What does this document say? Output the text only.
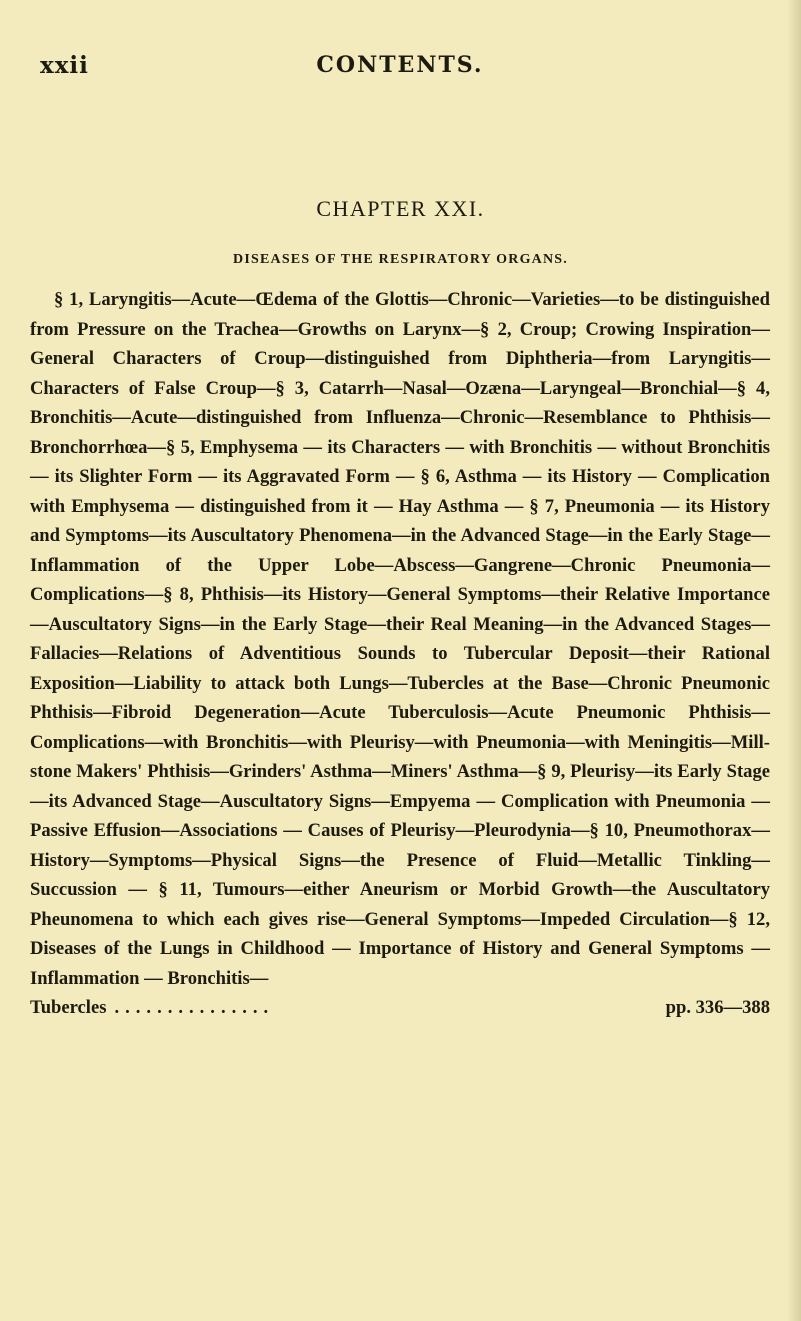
xxii	CONTENTS.
CHAPTER XXI.
DISEASES OF THE RESPIRATORY ORGANS.
§ 1, Laryngitis—Acute—Œdema of the Glottis—Chronic—Varieties—to be distinguished from Pressure on the Trachea—Growths on Larynx—§ 2, Croup; Crowing Inspiration—General Characters of Croup—distinguished from Diphtheria—from Laryngitis—Characters of False Croup—§ 3, Catarrh—Nasal—Ozæna—Laryngeal—Bronchial—§ 4, Bronchitis—Acute—distinguished from Influenza—Chronic—Resemblance to Phthisis—Bronchorrhœa—§ 5, Emphysema — its Characters — with Bronchitis — without Bronchitis — its Slighter Form — its Aggravated Form — § 6, Asthma — its History — Complication with Emphysema — distinguished from it — Hay Asthma — § 7, Pneumonia — its History and Symptoms—its Auscultatory Phenomena—in the Advanced Stage—in the Early Stage—Inflammation of the Upper Lobe—Abscess—Gangrene—Chronic Pneumonia—Complications—§ 8, Phthisis—its History—General Symptoms—their Relative Importance—Auscultatory Signs—in the Early Stage—their Real Meaning—in the Advanced Stages—Fallacies—Relations of Adventitious Sounds to Tubercular Deposit—their Rational Exposition—Liability to attack both Lungs—Tubercles at the Base—Chronic Pneumonic Phthisis—Fibroid Degeneration—Acute Tuberculosis—Acute Pneumonic Phthisis—Complications—with Bronchitis—with Pleurisy—with Pneumonia—with Meningitis—Mill-stone Makers' Phthisis—Grinders' Asthma—Miners' Asthma—§ 9, Pleurisy—its Early Stage—its Advanced Stage—Auscultatory Signs—Empyema — Complication with Pneumonia — Passive Effusion—Associations — Causes of Pleurisy—Pleurodynia—§ 10, Pneumothorax—History—Symptoms—Physical Signs—the Presence of Fluid—Metallic Tinkling—Succussion — § 11, Tumours—either Aneurism or Morbid Growth—the Auscultatory Pheunomena to which each gives rise—General Symptoms—Impeded Circulation—§ 12, Diseases of the Lungs in Childhood — Importance of History and General Symptoms — Inflammation — Bronchitis—
Tubercles ...............	pp. 336—388
